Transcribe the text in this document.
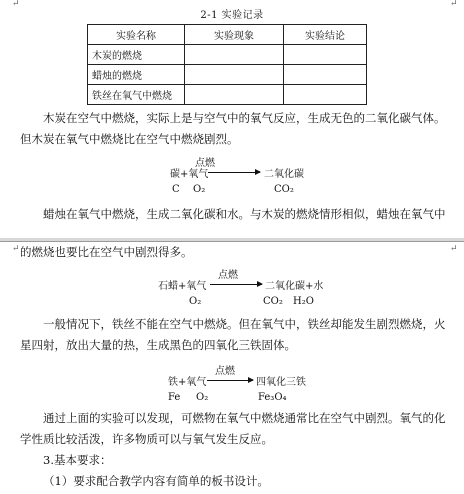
↵	↵
2-1 实验记录
实验名称	实验现象	实验结论
木炭的燃烧		
蜡烛的燃烧		
铁丝在氧气中燃烧		

木炭在空气中燃烧，实际上是与空气中的氧气反应，生成无色的二氧化碳气体。但木炭在氧气中燃烧比在空气中燃烧剧烈。

点燃
碳+氧气	二氧化碳
C O₂	CO₂

蜡烛在氧气中燃烧，生成二氧化碳和水。与木炭的燃烧情形相似，蜡烛在氧气中

↵	↵

的燃烧也要比在空气中剧烈得多。

点燃
石蜡+氧气	二氧化碳+水
O₂	CO₂ H₂O

一般情况下，铁丝不能在空气中燃烧。但在氧气中，铁丝却能发生剧烈燃烧，火星四射，放出大量的热，生成黑色的四氧化三铁固体。

点燃
铁+氧气	四氧化三铁
Fe O₂	Fe₃O₄

通过上面的实验可以发现，可燃物在氧气中燃烧通常比在空气中剧烈。氧气的化学性质比较活泼，许多物质可以与氧气发生反应。

3.基本要求：

（1）要求配合教学内容有简单的板书设计。
